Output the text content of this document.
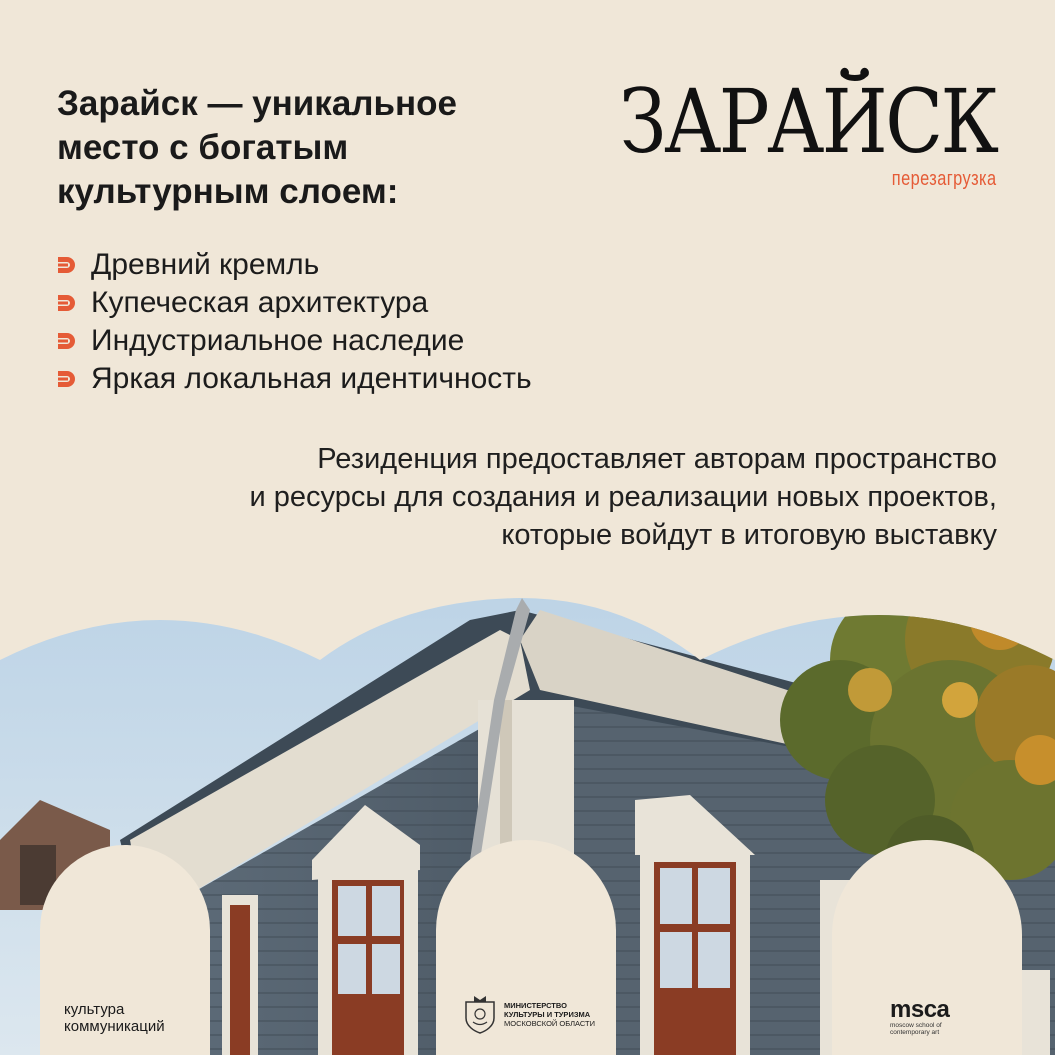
Зарайск — уникальное
место с богатым
культурным слоем:
ЗАРАЙСК
перезагрузка
Древний кремль
Купеческая архитектура
Индустриальное наследие
Яркая локальная идентичность
Резиденция предоставляет авторам пространство
и ресурсы для создания и реализации новых проектов,
которые войдут в итоговую выставку
культура
коммуникаций
МИНИСТЕРСТВО
КУЛЬТУРЫ И ТУРИЗМА
МОСКОВСКОЙ ОБЛАСТИ	msca
moscow school of
contemporary art
